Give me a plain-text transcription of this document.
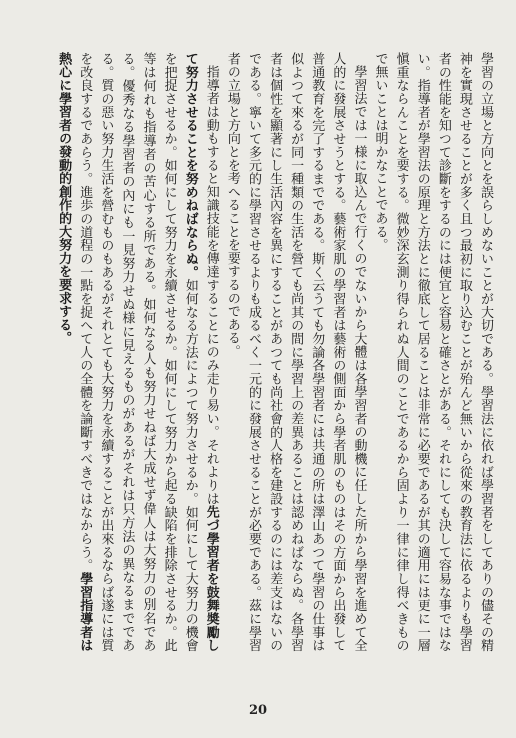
學習の立場と方向とを誤らしめないことが大切である。學習法に依れば學習者をしてありの儘その精神を實現させることが多く且つ最初に取り込むことが殆んど無いから從來の教育法に依るよりも學習者の性能を知つて診斷をするのには便宜と容易と確さとがある。それにしても決して容易な事ではない。指導者が學習法の原理と方法とに徹底して居ることは非常に必要であるが其の適用には更に一層愼重ならんことを要する。微妙深玄測り得られぬ人間のことであるから固より一律に律し得べきもので無いことは明かなことである。

學習法では一様に取込んで行くのでないから大體は各學習者の動機に任した所から學習を進めて全人的に發展させうとする。藝術家肌の學習者は藝術の側面から學者肌のものはその方面から出發して普通教育を完了するまでである。斯く云うても勿論各學習者には共通の所は澤山あつて學習の仕事は似よつて來るが同一種類の生活を營ても尚其の間に學習上の差異あることは認めねばならぬ。各學習者は個性を顯著にし生活內容を異にすることがあつても尚社會的人格を建設するのには差支はないのである。寧いて多元的に學習させるよりも成るべく一元的に發展させることが必要である。茲に學習者の立場と方向とを考へることを要するのである。

指導者は動もすると知識技能を傳達することにのみ走り易い。それよりは先づ學習者を鼓舞奬勵して努力させることを努めねばならぬ。如何なる方法によつて努力させるか。如何にして大努力の機會を把捉させるか。如何にして努力を永續させるか。如何にして努力から起る缺陷を排除させるか。此等は何れも指導者の苦心する所である。如何なる人も努力せねば大成せず偉人は大努力の別名である。優秀なる學習者の內にも一見努力せぬ様に見えるものがあるがそれは只方法の異なるまでである。質の惡い努力生活を營むものもあるがそれとても大努力を永續することが出來るならば遂には質を改良するであらう。進歩の道程の一點を捉へて人の全體を論斷すべきではなからう。學習指導者は熱心に學習者の發動的創作的大努力を要求する。

20
